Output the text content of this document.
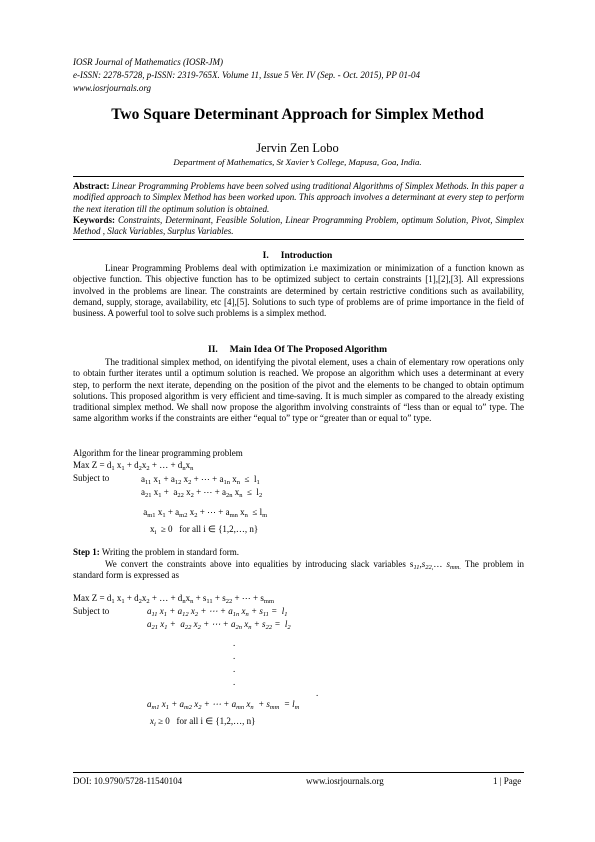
IOSR Journal of Mathematics (IOSR-JM)
e-ISSN: 2278-5728, p-ISSN: 2319-765X. Volume 11, Issue 5 Ver. IV (Sep. - Oct. 2015), PP 01-04
www.iosrjournals.org
Two Square Determinant Approach for Simplex Method
Jervin Zen Lobo
Department of Mathematics, St Xavier’s College, Mapusa, Goa, India.
Abstract: Linear Programming Problems have been solved using traditional Algorithms of Simplex Methods. In this paper a modified approach to Simplex Method has been worked upon. This approach involves a determinant at every step to perform the next iteration till the optimum solution is obtained.
Keywords: Constraints, Determinant, Feasible Solution, Linear Programming Problem, optimum Solution, Pivot, Simplex Method , Slack Variables, Surplus Variables.
I. Introduction
Linear Programming Problems deal with optimization i.e maximization or minimization of a function known as objective function. This objective function has to be optimized subject to certain constraints [1],[2],[3]. All expressions involved in the problems are linear. The constraints are determined by certain restrictive conditions such as availability, demand, supply, storage, availability, etc [4],[5]. Solutions to such type of problems are of prime importance in the field of business. A powerful tool to solve such problems is a simplex method.
II. Main Idea Of The Proposed Algorithm
The traditional simplex method, on identifying the pivotal element, uses a chain of elementary row operations only to obtain further iterates until a optimum solution is reached. We propose an algorithm which uses a determinant at every step, to perform the next iterate, depending on the position of the pivot and the elements to be changed to obtain optimum solutions. This proposed algorithm is very efficient and time-saving. It is much simpler as compared to the already existing traditional simplex method. We shall now propose the algorithm involving constraints of “less than or equal to” type. The same algorithm works if the constraints are either “equal to” type or “greater than or equal to” type.
Algorithm for the linear programming problem
Max $Z = d_1$ $x_1 + d_2x_2$ + … + $d_nx_n$
Subject to	$a_{11}$ $x_1 + a_{12}$ $x_2$ + ⋯ + $a_{1n}$ $x_n \le l_1$
$a_{21}$ $x_1 + a_{22}$ $x_2$ + ⋯ + $a_{2n}$ $x_n \le l_2$
$a_{m1}$ $x_1 + a_{m2}$ $x_2$ + ⋯ + $a_{mn}$ $x_n \le l_m$
$x_i \ge 0$   for all i ∈ {1,2,…, n}
Step 1: Writing the problem in standard form.
We convert the constraints above into equalities by introducing slack variables $s_{11},s_{22,}\dots$ $s_{mm.}$ The problem in standard form is expressed as
Max $Z = d_1$ $x_1 + d_2x_2$ + … + $d_nx_n + s_{11} + s_{22}$ + ⋯ + $s_{mm}$
Subject to	$a_{11}$ $x_1 + a_{12}$ $x_2$ + ⋯ + $a_{1n}$ $x_n + s_{11} = l_1$
$a_{21}$ $x_1 + a_{22}$ $x_2$ + ⋯ + $a_{2n}$ $x_n + s_{22} = l_2$
.
.
.
.
.
$a_{m1}$ $x_1 + a_{m2}$ $x_2$ + ⋯ + $a_{mn}$ $x_n + s_{mm} = l_m$
$x_i \ge 0$   for all i ∈ {1,2,…, n}
DOI: 10.9790/5728-11540104	www.iosrjournals.org	1 | Page
